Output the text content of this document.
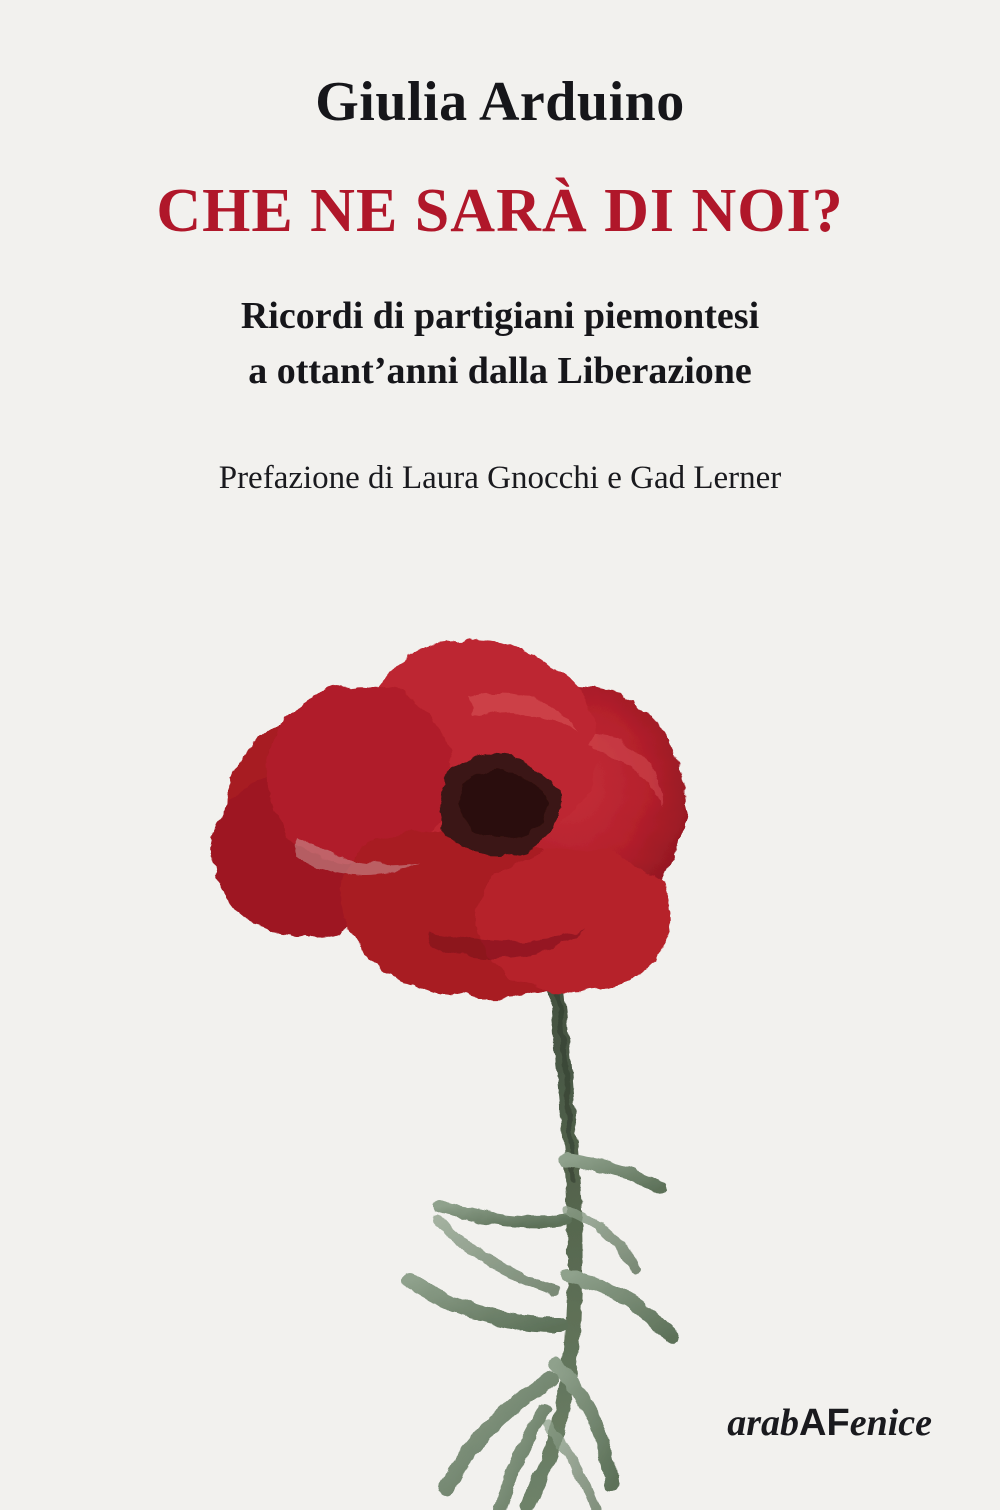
Giulia Arduino
CHE NE SARÀ DI NOI?
Ricordi di partigiani piemontesi
a ottant’anni dalla Liberazione
Prefazione di Laura Gnocchi e Gad Lerner
arabAFenice
